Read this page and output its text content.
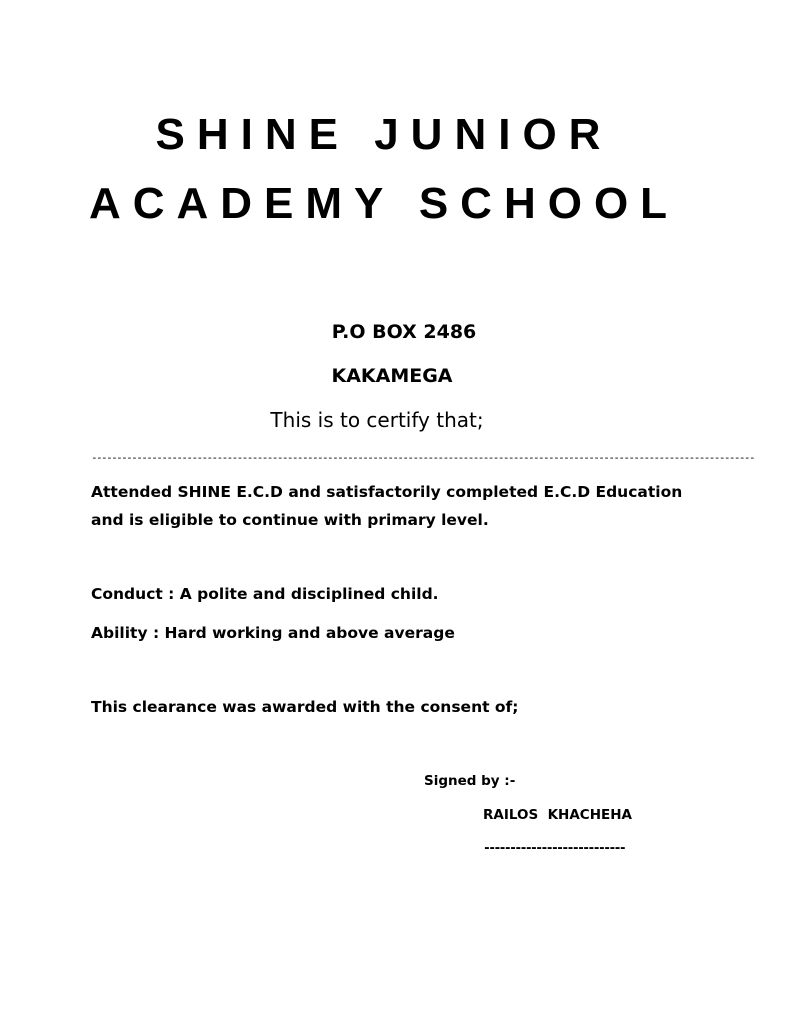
SHINE JUNIOR
ACADEMY SCHOOL
P.O BOX 2486
KAKAMEGA
This is to certify that;
------------------------------------------------------------------------------------------------------------------------------------
Attended SHINE E.C.D and satisfactorily completed E.C.D Education
and is eligible to continue with primary level.
Conduct : A polite and disciplined child.
Ability : Hard working and above average
This clearance was awarded with the consent of;
Signed by :-
RAILOS  KHACHEHA
---------------------------
